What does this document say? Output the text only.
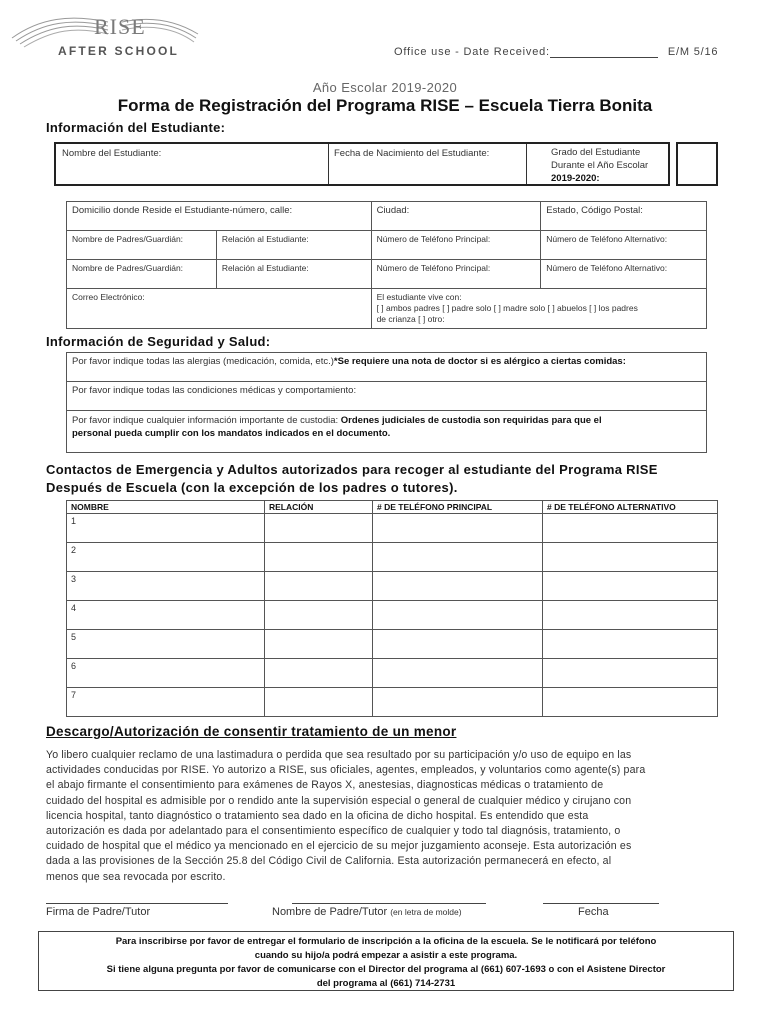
RISE
AFTER SCHOOL	Office use - Date Received:	E/M 5/16
Año Escolar 2019-2020
Forma de Registración del Programa RISE – Escuela Tierra Bonita
Información del Estudiante:
Nombre del Estudiante:	Fecha de Nacimiento del Estudiante:	Grado del Estudiante
Durante el Año Escolar
2019-2020:
Domicilio donde Reside el Estudiante-número, calle:		Ciudad:	Estado, Código Postal:
Nombre de Padres/Guardián:	Relación al Estudiante:	Número de Teléfono Principal:	Número de Teléfono Alternativo:
Nombre de Padres/Guardián:	Relación al Estudiante:	Número de Teléfono Principal:	Número de Teléfono Alternativo:
Correo Electrónico:		El estudiante vive con:
[ ] ambos padres [ ] padre solo [ ] madre solo [ ] abuelos [ ] los padres
de crianza [ ] otro:	
Información de Seguridad y Salud:
Por favor indique todas las alergias (medicación, comida, etc.)*Se requiere una nota de doctor si es alérgico a ciertas comidas:
Por favor indique todas las condiciones médicas y comportamiento:
Por favor indique cualquier información importante de custodia: Ordenes judiciales de custodia son requiridas para que el
personal pueda cumplir con los mandatos indicados en el documento.
Contactos de Emergencia y Adultos autorizados para recoger al estudiante del Programa RISE
Después de Escuela (con la excepción de los padres o tutores).
NOMBRE	RELACIÓN	# DE TELÉFONO PRINCIPAL	# DE TELÉFONO ALTERNATIVO
1			
2			
3			
4			
5			
6			
7			
Descargo/Autorización de consentir tratamiento de un menor
Yo libero cualquier reclamo de una lastimadura o perdida que sea resultado por su participación y/o uso de equipo en las
actividades conducidas por RISE. Yo autorizo a RISE, sus oficiales, agentes, empleados, y voluntarios como agente(s) para
el abajo firmante el consentimiento para exámenes de Rayos X, anestesias, diagnosticas médicas o tratamiento de
cuidado del hospital es admisible por o rendido ante la supervisión especial o general de cualquier médico y cirujano con
licencia hospital, tanto diagnóstico o tratamiento sea dado en la oficina de dicho hospital. Es entendido que esta
autorización es dada por adelantado para el consentimiento específico de cualquier y todo tal diagnósis, tratamiento, o
cuidado de hospital que el médico ya mencionado en el ejercicio de su mejor juzgamiento aconseje. Esta autorización es
dada a las provisiones de la Sección 25.8 del Código Civil de California. Esta autorización permanecerá en efecto, al
menos que sea revocada por escrito.
Firma de Padre/Tutor	Nombre de Padre/Tutor (en letra de molde)	Fecha
Para inscribirse por favor de entregar el formulario de inscripción a la oficina de la escuela. Se le notificará por teléfono
cuando su hijo/a podrá empezar a asistir a este programa.
Si tiene alguna pregunta por favor de comunicarse con el Director del programa al (661) 607-1693 o con el Asistene Director
del programa al (661) 714-2731
